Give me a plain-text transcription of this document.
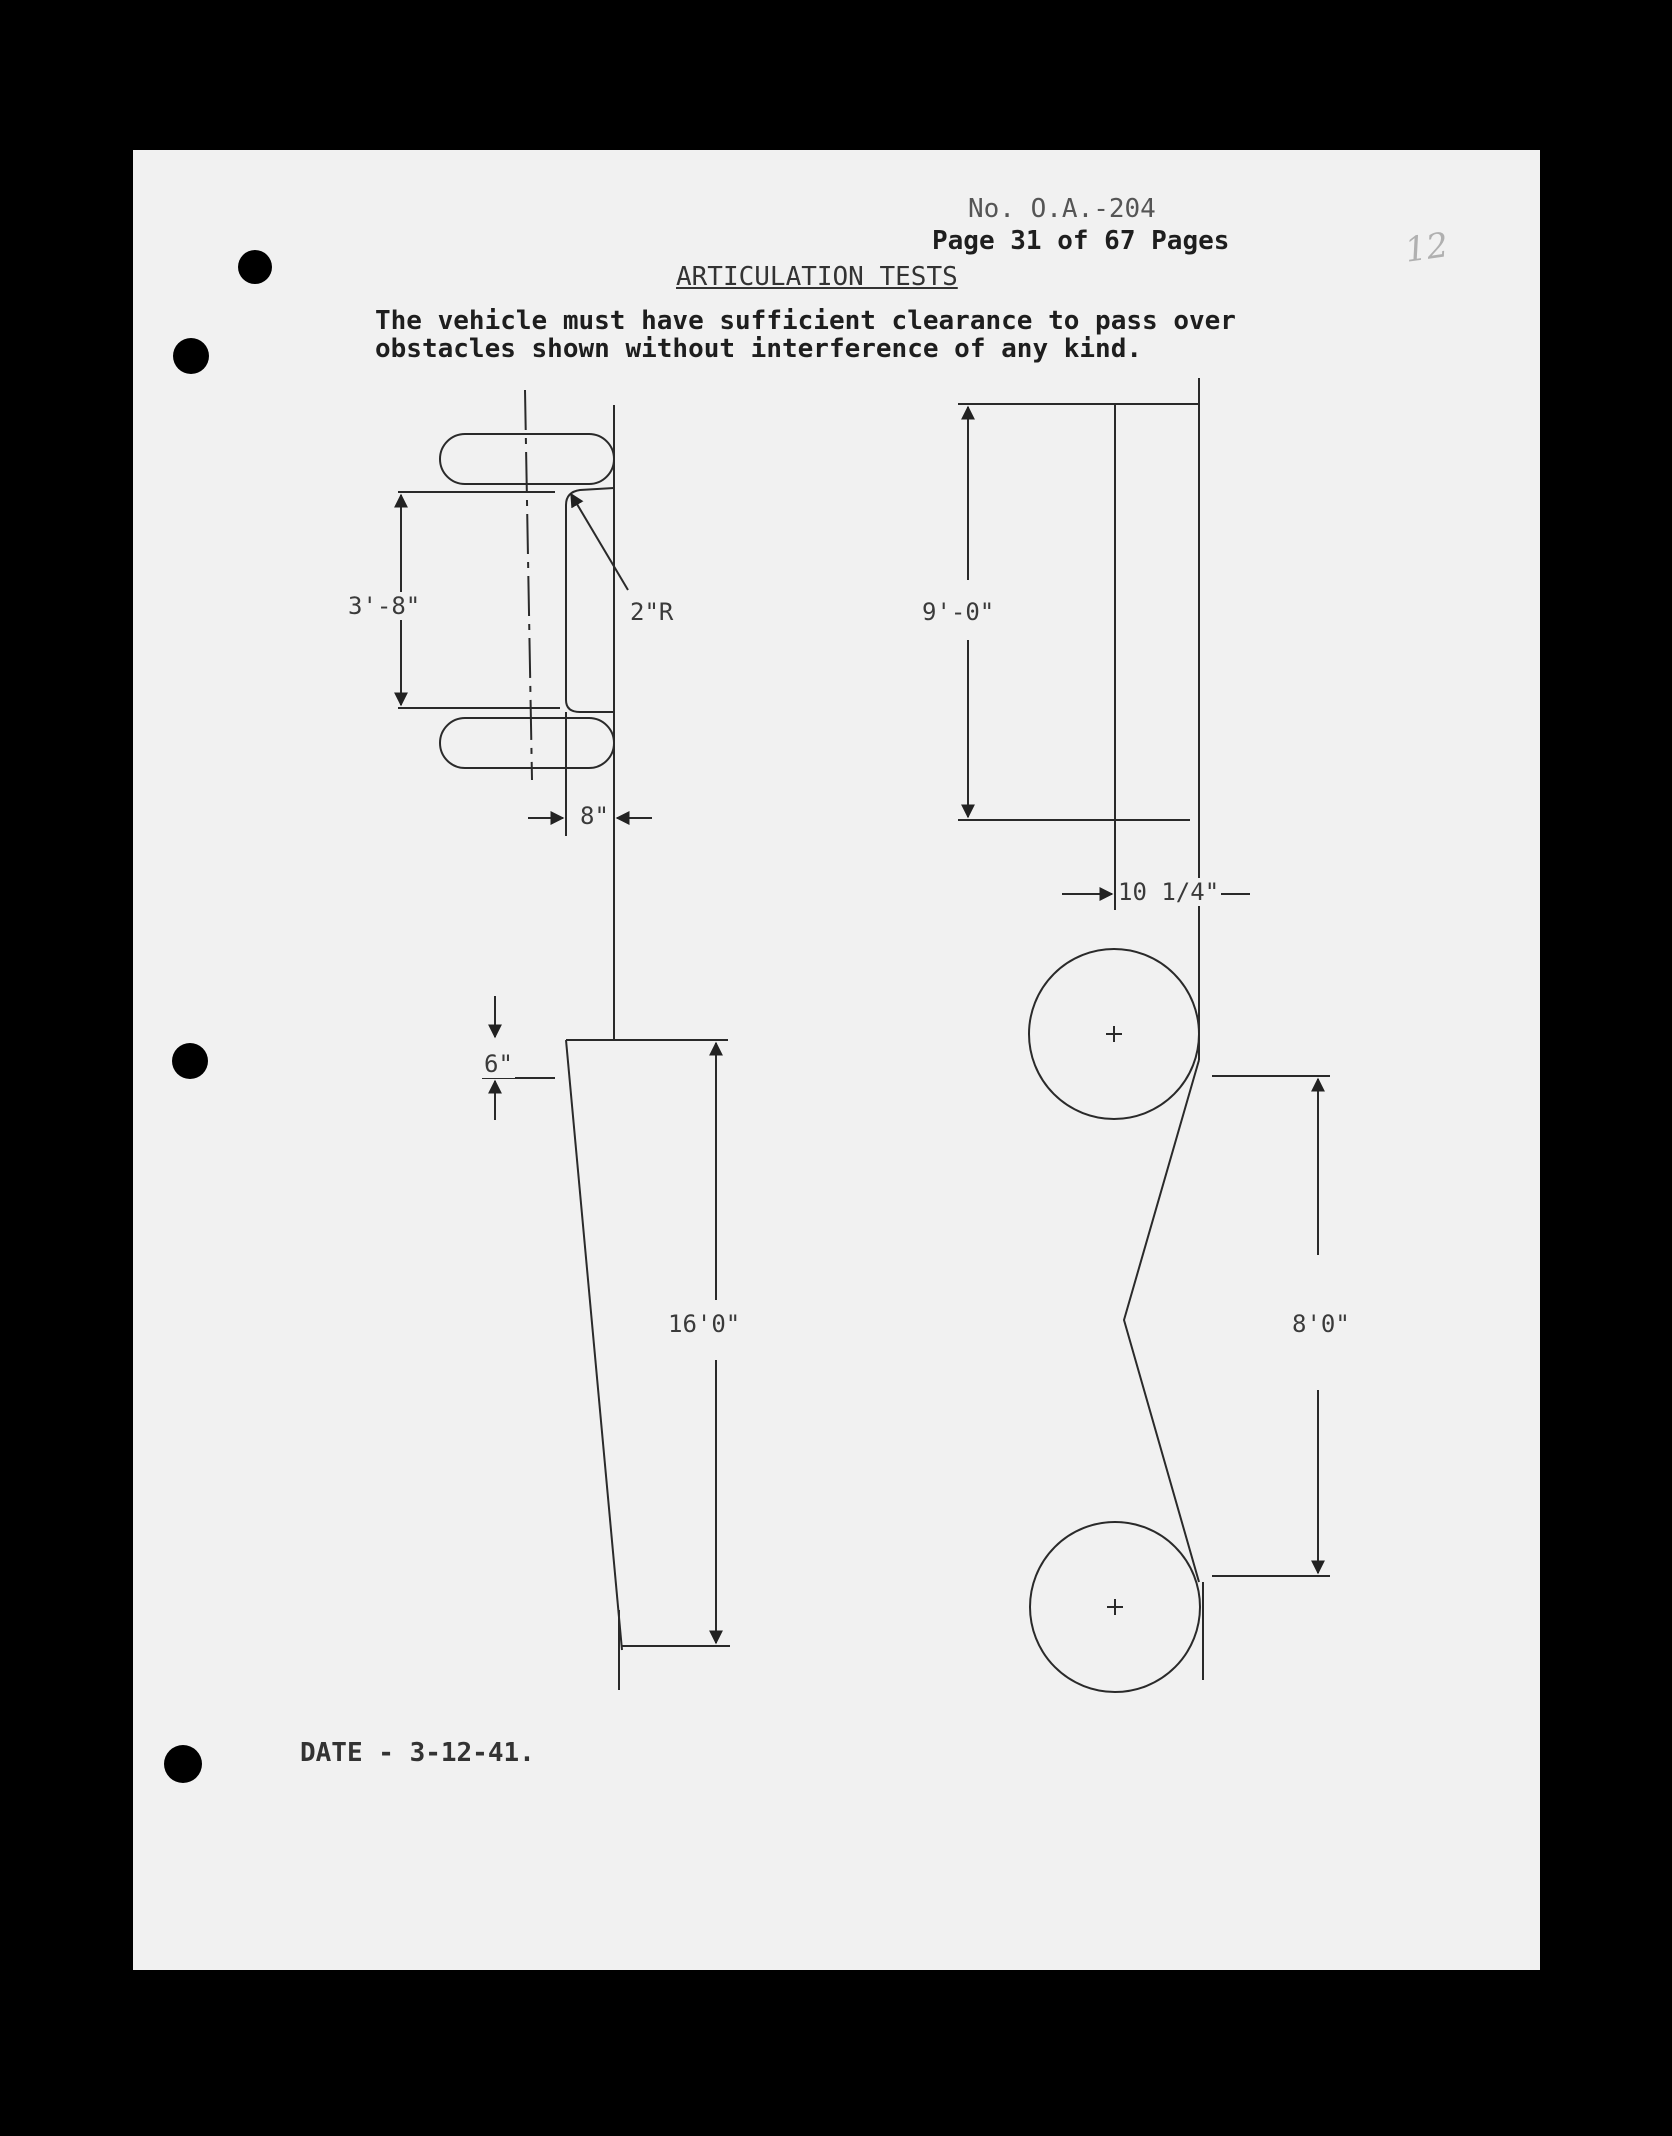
No. O.A.-204
Page 31 of 67 Pages	12
ARTICULATION TESTS
The vehicle must have sufficient clearance to pass over
obstacles shown without interference of any kind.
3'-8"	2"R
8"
6"
16'0"
9'-0"
10 1/4"
8'0"
DATE - 3-12-41.
